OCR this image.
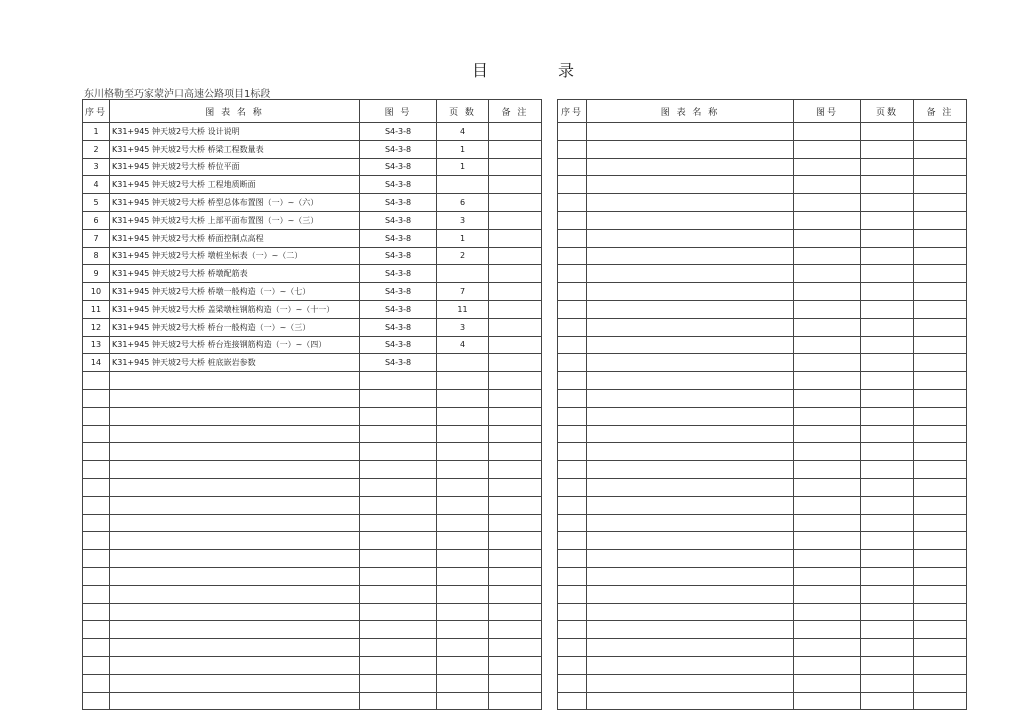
目	录
东川格勒至巧家蒙泸口高速公路项目1标段
序号	图 表 名 称	图 号	页 数	备 注
1	K31+945 钟天坡2号大桥 设计说明	S4-3-8	4	
2	K31+945 钟天坡2号大桥 桥梁工程数量表	S4-3-8	1	
3	K31+945 钟天坡2号大桥 桥位平面	S4-3-8	1	
4	K31+945 钟天坡2号大桥 工程地质断面	S4-3-8		
5	K31+945 钟天坡2号大桥 桥型总体布置图（一）~（六）	S4-3-8	6	
6	K31+945 钟天坡2号大桥 上部平面布置图（一）~（三）	S4-3-8	3	
7	K31+945 钟天坡2号大桥 桥面控制点高程	S4-3-8	1	
8	K31+945 钟天坡2号大桥 墩桩坐标表（一）~（二）	S4-3-8	2	
9	K31+945 钟天坡2号大桥 桥墩配筋表	S4-3-8		
10	K31+945 钟天坡2号大桥 桥墩一般构造（一）~（七）	S4-3-8	7	
11	K31+945 钟天坡2号大桥 盖梁墩柱钢筋构造（一）~（十一）	S4-3-8	11	
12	K31+945 钟天坡2号大桥 桥台一般构造（一）~（三）	S4-3-8	3	
13	K31+945 钟天坡2号大桥 桥台连接钢筋构造（一）~（四）	S4-3-8	4	
14	K31+945 钟天坡2号大桥 桩底嵌岩参数	S4-3-8		

序号	图 表 名 称	图号	页数	备 注
